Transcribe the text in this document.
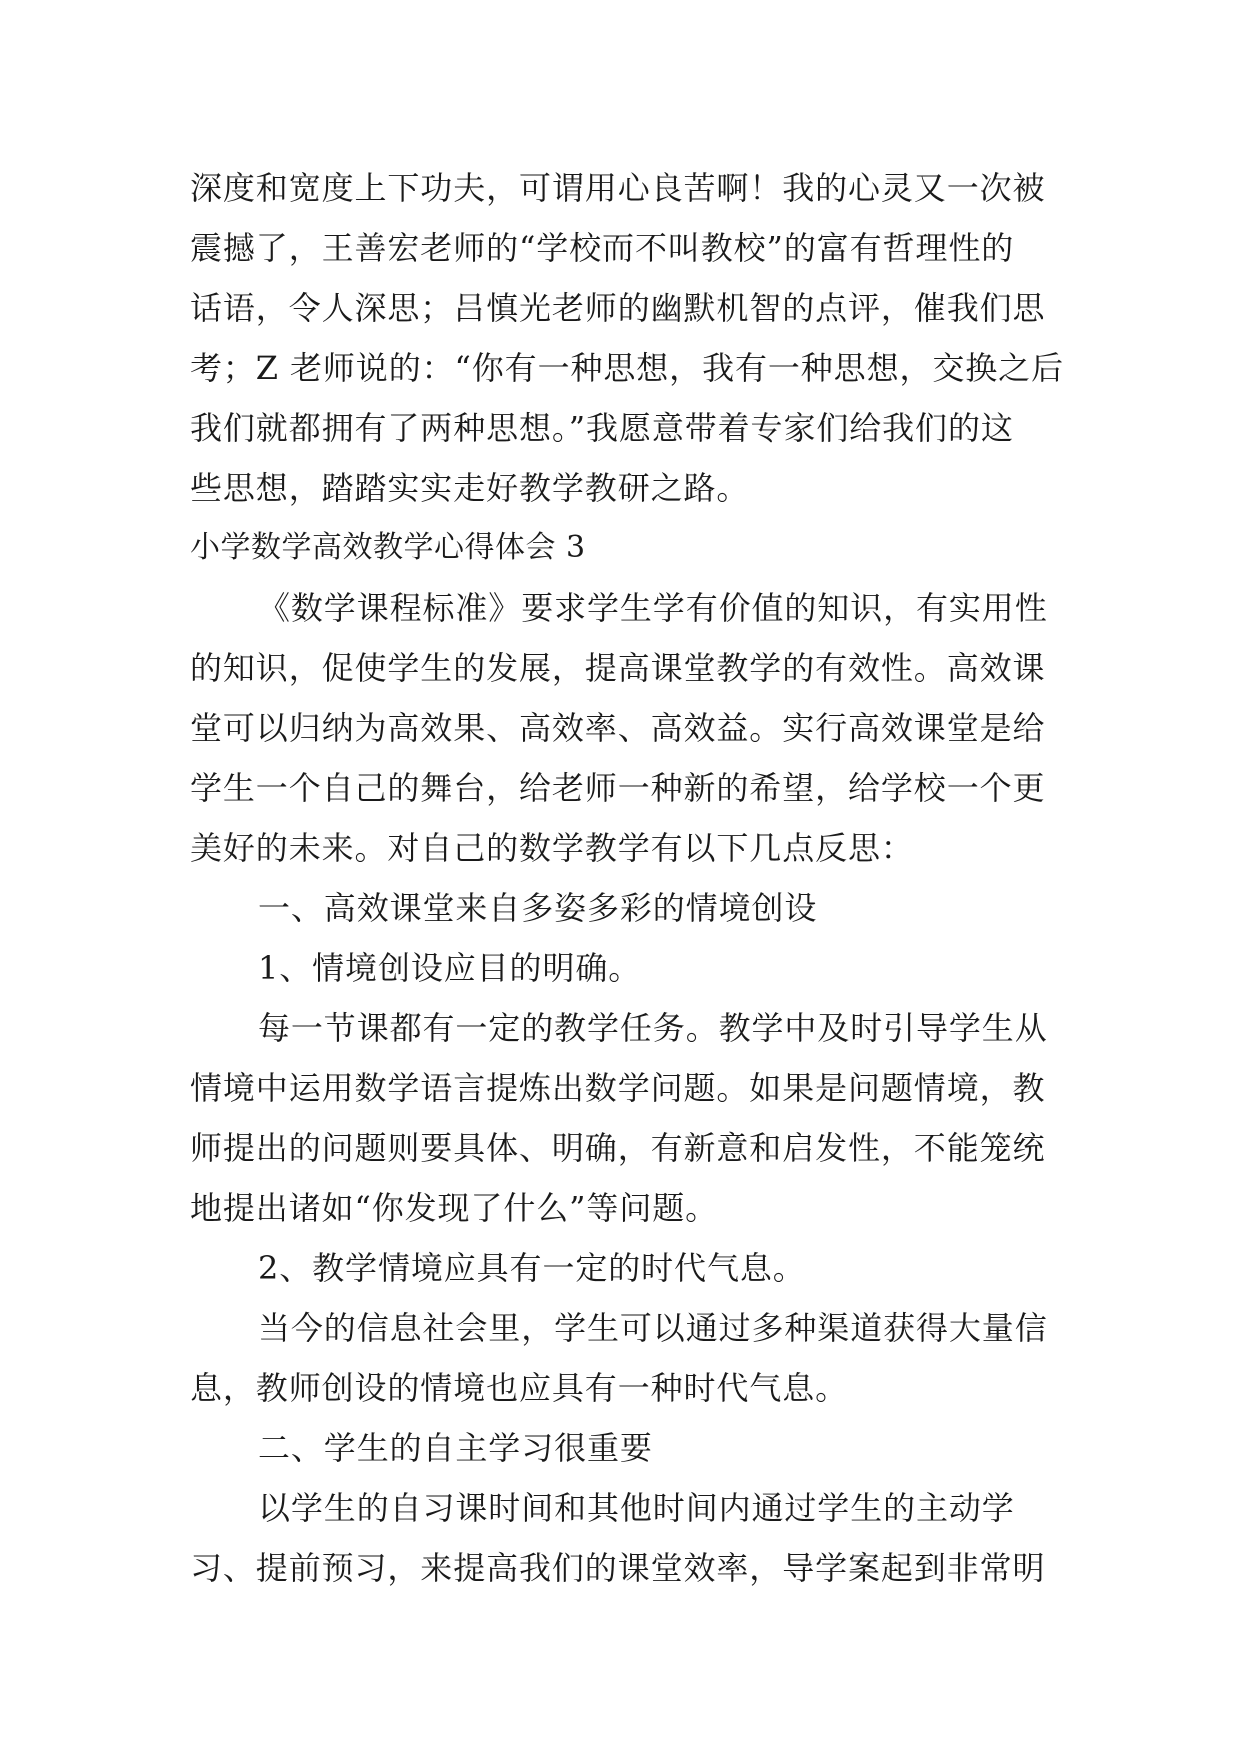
深度和宽度上下功夫，可谓用心良苦啊！我的心灵又一次被
震撼了，王善宏老师的“学校而不叫教校”的富有哲理性的
话语，令人深思；吕慎光老师的幽默机智的点评，催我们思
考；Z 老师说的：“你有一种思想，我有一种思想，交换之后
我们就都拥有了两种思想。”我愿意带着专家们给我们的这
些思想，踏踏实实走好教学教研之路。
小学数学高效教学心得体会 3
《数学课程标准》要求学生学有价值的知识，有实用性
的知识，促使学生的发展，提高课堂教学的有效性。高效课
堂可以归纳为高效果、高效率、高效益。实行高效课堂是给
学生一个自己的舞台，给老师一种新的希望，给学校一个更
美好的未来。对自己的数学教学有以下几点反思：
一、高效课堂来自多姿多彩的情境创设
1、情境创设应目的明确。
每一节课都有一定的教学任务。教学中及时引导学生从
情境中运用数学语言提炼出数学问题。如果是问题情境，教
师提出的问题则要具体、明确，有新意和启发性，不能笼统
地提出诸如“你发现了什么”等问题。
2、教学情境应具有一定的时代气息。
当今的信息社会里，学生可以通过多种渠道获得大量信
息，教师创设的情境也应具有一种时代气息。
二、学生的自主学习很重要
以学生的自习课时间和其他时间内通过学生的主动学
习、提前预习，来提高我们的课堂效率，导学案起到非常明
